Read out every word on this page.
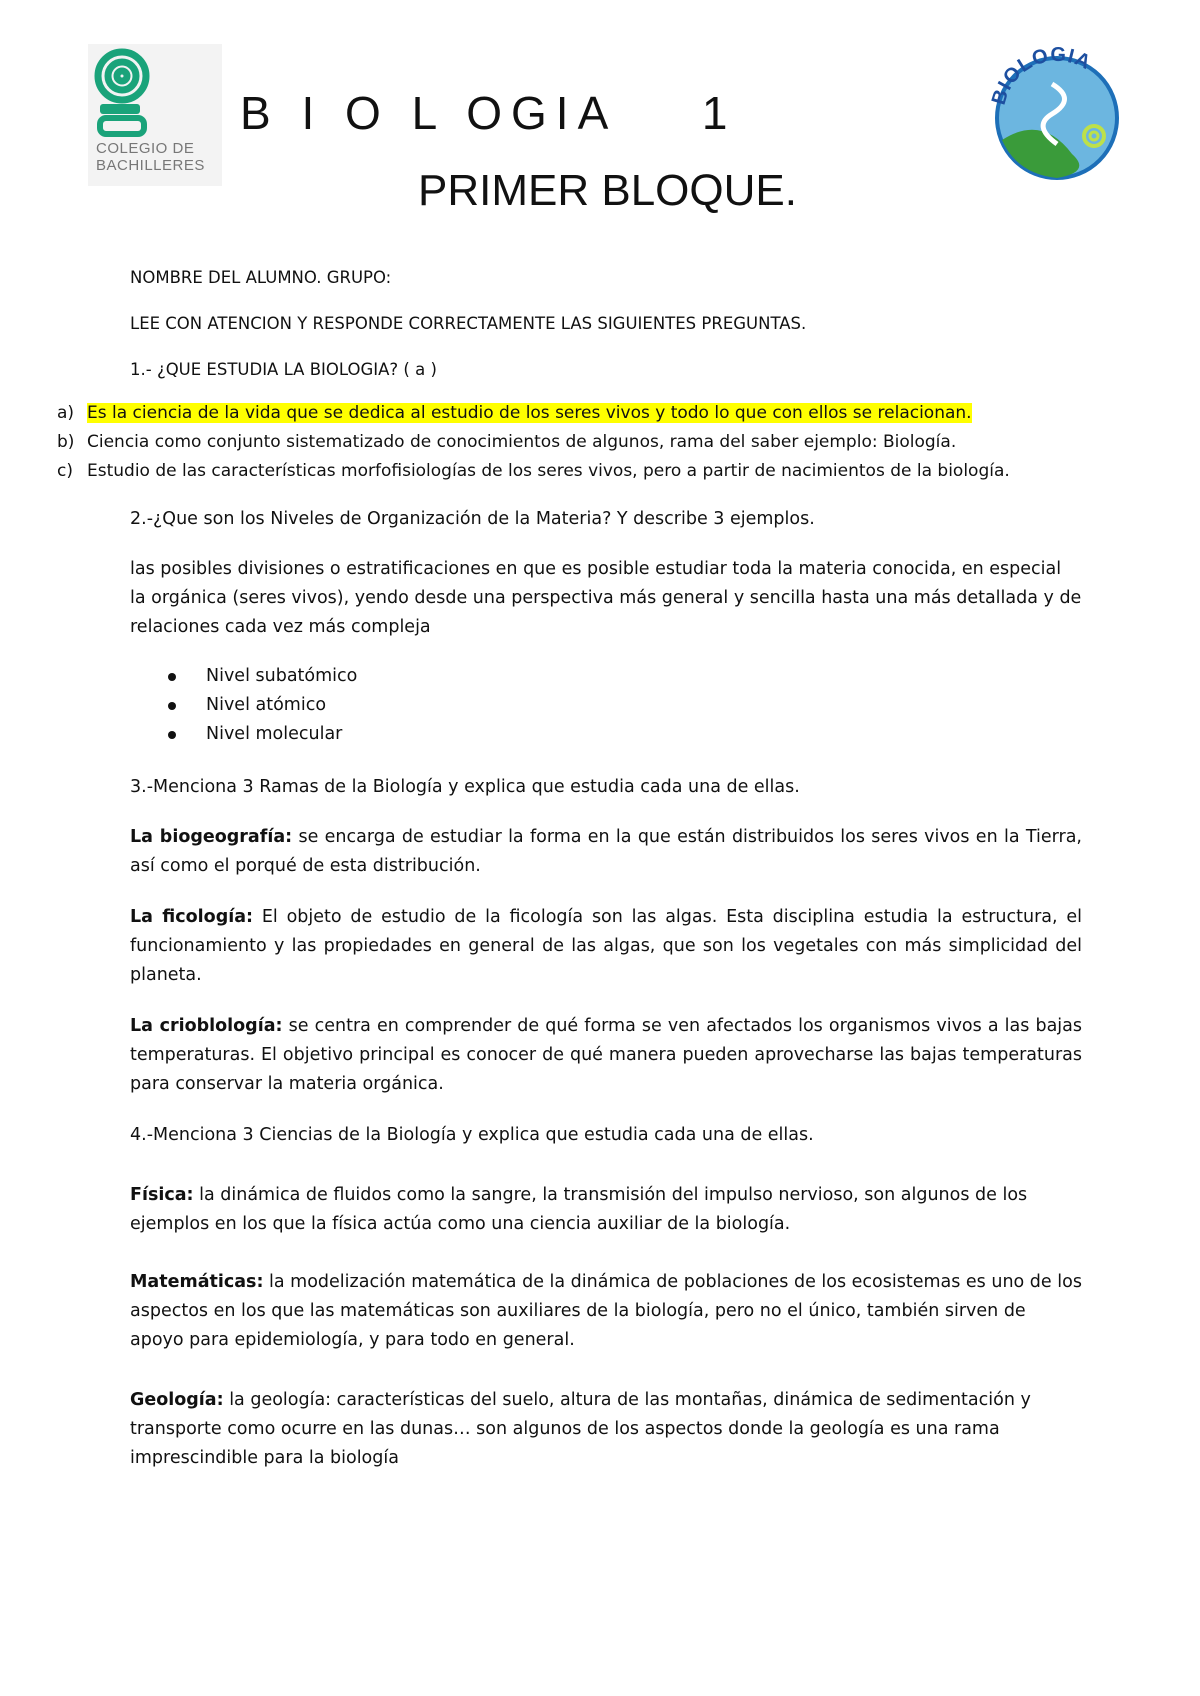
COLEGIO DE
BACHILLERES
BIOLOGIA
B I O L OGIA    1
PRIMER BLOQUE.
NOMBRE DEL ALUMNO. GRUPO:
LEE CON ATENCION Y RESPONDE CORRECTAMENTE LAS SIGUIENTES PREGUNTAS.
1.- ¿QUE ESTUDIA LA BIOLOGIA? ( a )
a) Es la ciencia de la vida que se dedica al estudio de los seres vivos y todo lo que con ellos se relacionan.
b) Ciencia como conjunto sistematizado de conocimientos de algunos, rama del saber ejemplo: Biología.
c) Estudio de las características morfofisiologías de los seres vivos, pero a partir de nacimientos de la biología.
2.-¿Que son los Niveles de Organización de la Materia? Y describe 3 ejemplos.
las posibles divisiones o estratificaciones en que es posible estudiar toda la materia conocida, en especial la orgánica (seres vivos), yendo desde una perspectiva más general y sencilla hasta una más detallada y de relaciones cada vez más compleja
Nivel subatómico
Nivel atómico
Nivel molecular
3.-Menciona 3 Ramas de la Biología y explica que estudia cada una de ellas.
La biogeografía: se encarga de estudiar la forma en la que están distribuidos los seres vivos en la Tierra, así como el porqué de esta distribución.
La ficología: El objeto de estudio de la ficología son las algas. Esta disciplina estudia la estructura, el funcionamiento y las propiedades en general de las algas, que son los vegetales con más simplicidad del planeta.
La crioblología: se centra en comprender de qué forma se ven afectados los organismos vivos a las bajas temperaturas. El objetivo principal es conocer de qué manera pueden aprovecharse las bajas temperaturas para conservar la materia orgánica.
4.-Menciona 3 Ciencias de la Biología y explica que estudia cada una de ellas.
Física: la dinámica de fluidos como la sangre, la transmisión del impulso nervioso, son algunos de los ejemplos en los que la física actúa como una ciencia auxiliar de la biología.
Matemáticas: la modelización matemática de la dinámica de poblaciones de los ecosistemas es uno de los aspectos en los que las matemáticas son auxiliares de la biología, pero no el único, también sirven de apoyo para epidemiología, y para todo en general.
Geología: la geología: características del suelo, altura de las montañas, dinámica de sedimentación y transporte como ocurre en las dunas… son algunos de los aspectos donde la geología es una rama imprescindible para la biología
